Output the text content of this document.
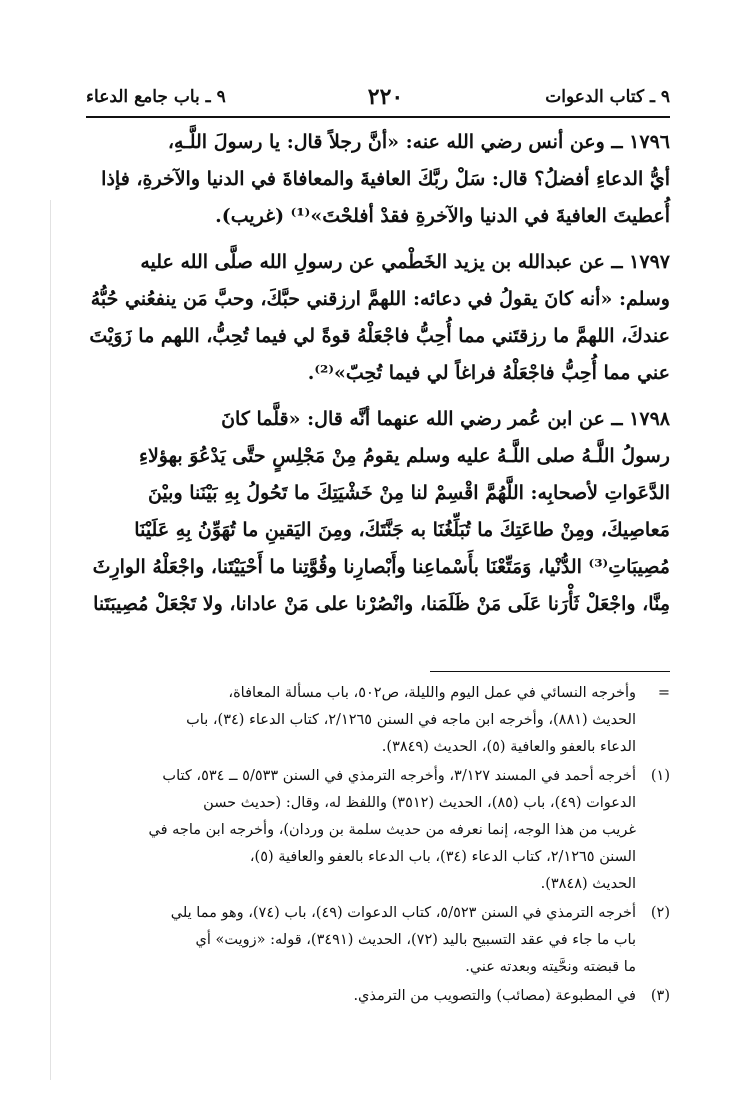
٩ ـ كتاب الدعوات
٢٢٠
٩ ـ باب جامع الدعاء

١٧٩٦ ــ وعن أنس رضي الله عنه: «أنَّ رجلاً قال: يا رسولَ اللَّـهِ،

أيُّ الدعاءِ أفضلُ؟ قال: سَلْ ربَّكَ العافيةَ والمعافاةَ في الدنيا والآخرةِ، فإذا

أُعطيتَ العافيةَ في الدنيا والآخرةِ فقدْ أفلحْتَ»⁽¹⁾ (غريب).

١٧٩٧ ــ عن عبدالله بن يزيد الخَطْمي عن رسولِ الله صلَّى الله عليه

وسلم: «أنه كانَ يقولُ في دعائه: اللهمَّ ارزقني حبَّكَ، وحبَّ مَن ينفعُني حُبُّهُ

عندكَ، اللهمَّ ما رزقتَني مما أُحِبُّ فاجْعَلْهُ قوةً لي فيما تُحِبُّ، اللهم ما زَوَيْتَ

عني مما أُحِبُّ فاجْعَلْهُ فراغاً لي فيما تُحِبّ»⁽²⁾.

١٧٩٨ ــ عن ابن عُمر رضي الله عنهما أنَّه قال: «قلَّما كانَ

رسولُ اللَّـهُ صلى اللَّـهُ عليه وسلم يقومُ مِنْ مَجْلِسٍ حتَّى يَدْعُوَ بهؤلاءِ

الدَّعَواتِ لأصحابِه: اللَّهُمَّ اقْسِمْ لنا مِنْ خَشْيَتِكَ ما تَحُولُ بِهِ بَيْنَنا وبيْنَ

مَعاصِيكَ، ومِنْ طاعَتِكَ ما تُبَلِّغُنَا به جَنَّتَكَ، ومِنَ اليَقينِ ما تُهَوِّنُ بِهِ عَلَيْنَا

مُصِيبَاتِ⁽³⁾ الدُّنْيا، وَمَتِّعْنَا بأَسْماعِنا وأَبْصارِنا وقُوَّتِنا ما أَحْيَيْتَنا، واجْعَلْهُ الوارِثَ

مِنَّا، واجْعَلْ ثَأْرَنا عَلَى مَنْ ظَلَمَنا، وانْصُرْنا على مَنْ عادانا، ولا تَجْعَلْ مُصِيبَتَنا

=
وأخرجه النسائي في عمل اليوم والليلة، ص٥٠٢، باب مسألة المعافاة،
الحديث (٨٨١)، وأخرجه ابن ماجه في السنن ٢/١٢٦٥، كتاب الدعاء (٣٤)، باب
الدعاء بالعفو والعافية (٥)، الحديث (٣٨٤٩).
(١)
أخرجه أحمد في المسند ٣/١٢٧، وأخرجه الترمذي في السنن ٥/٥٣٣ ــ ٥٣٤، كتاب
الدعوات (٤٩)، باب (٨٥)، الحديث (٣٥١٢) واللفظ له، وقال: (حديث حسن
غريب من هذا الوجه، إنما نعرفه من حديث سلمة بن وردان)، وأخرجه ابن ماجه في
السنن ٢/١٢٦٥، كتاب الدعاء (٣٤)، باب الدعاء بالعفو والعافية (٥)،
الحديث (٣٨٤٨).
(٢)
أخرجه الترمذي في السنن ٥/٥٢٣، كتاب الدعوات (٤٩)، باب (٧٤)، وهو مما يلي
باب ما جاء في عقد التسبيح باليد (٧٢)، الحديث (٣٤٩١)، قوله: «زويت» أي
ما قبضته ونحَّيته وبعدته عني.
(٣)
في المطبوعة (مصائب) والتصويب من الترمذي.
